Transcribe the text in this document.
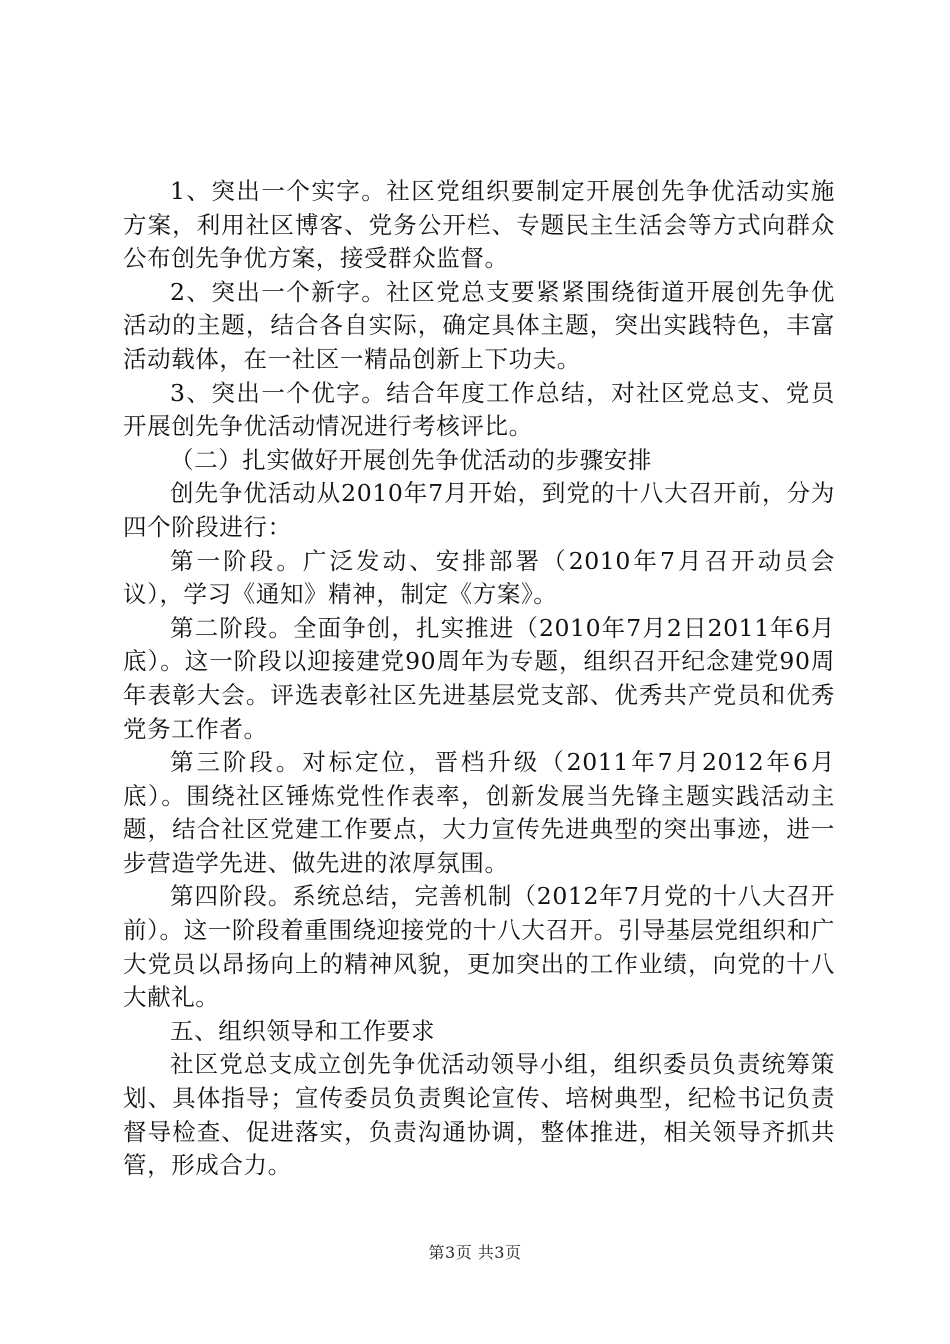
1、突出一个实字。社区党组织要制定开展创先争优活动实施方案，利用社区博客、党务公开栏、专题民主生活会等方式向群众公布创先争优方案，接受群众监督。

2、突出一个新字。社区党总支要紧紧围绕街道开展创先争优活动的主题，结合各自实际，确定具体主题，突出实践特色，丰富活动载体，在一社区一精品创新上下功夫。

3、突出一个优字。结合年度工作总结，对社区党总支、党员开展创先争优活动情况进行考核评比。

（二）扎实做好开展创先争优活动的步骤安排

创先争优活动从2010年7月开始，到党的十八大召开前，分为四个阶段进行：

第一阶段。广泛发动、安排部署（2010年7月召开动员会议），学习《通知》精神，制定《方案》。

第二阶段。全面争创，扎实推进（2010年7月2日2011年6月底）。这一阶段以迎接建党90周年为专题，组织召开纪念建党90周年表彰大会。评选表彰社区先进基层党支部、优秀共产党员和优秀党务工作者。

第三阶段。对标定位，晋档升级（2011年7月2012年6月底）。围绕社区锤炼党性作表率，创新发展当先锋主题实践活动主题，结合社区党建工作要点，大力宣传先进典型的突出事迹，进一步营造学先进、做先进的浓厚氛围。

第四阶段。系统总结，完善机制（2012年7月党的十八大召开前）。这一阶段着重围绕迎接党的十八大召开。引导基层党组织和广大党员以昂扬向上的精神风貌，更加突出的工作业绩，向党的十八大献礼。

五、组织领导和工作要求

社区党总支成立创先争优活动领导小组，组织委员负责统筹策划、具体指导；宣传委员负责舆论宣传、培树典型，纪检书记负责督导检查、促进落实，负责沟通协调，整体推进，相关领导齐抓共管，形成合力。

第3页 共3页
